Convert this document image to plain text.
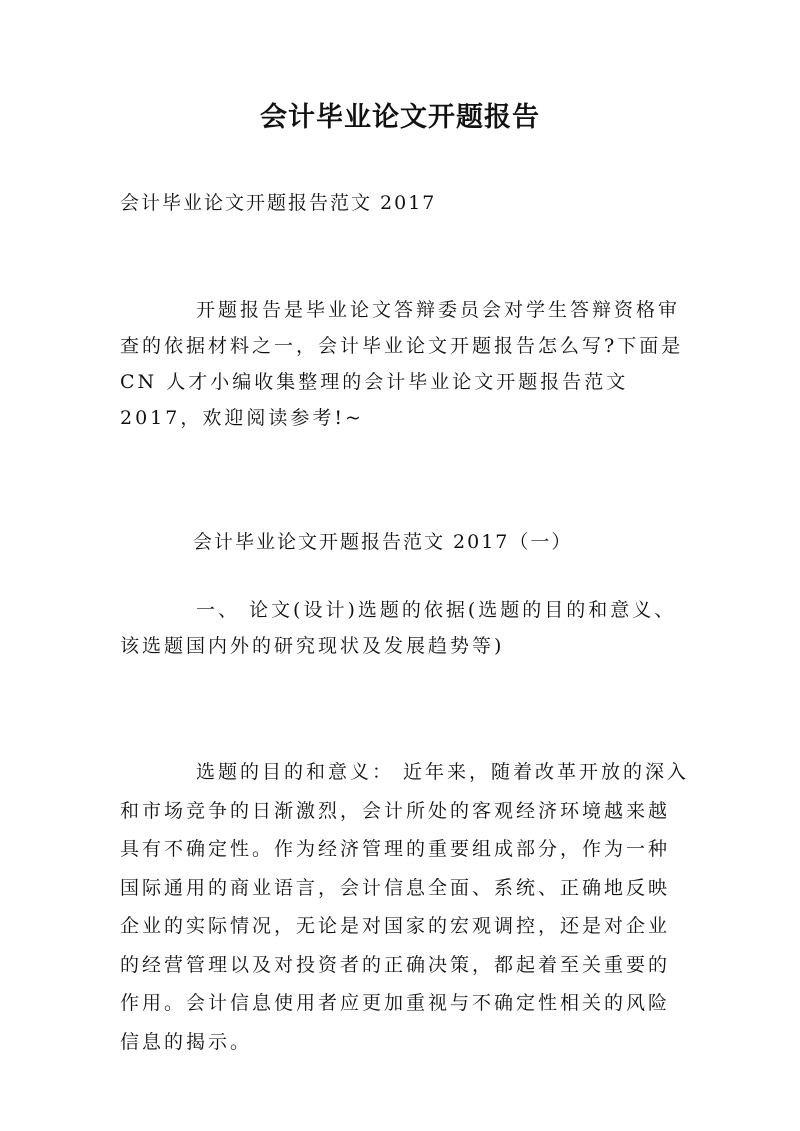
会计毕业论文开题报告
会计毕业论文开题报告范文 2017

开题报告是毕业论文答辩委员会对学生答辩资格审查的依据材料之一，会计毕业论文开题报告怎么写?下面是CN 人才小编收集整理的会计毕业论文开题报告范文 2017，欢迎阅读参考!~

会计毕业论文开题报告范文 2017（一）

一、 论文(设计)选题的依据(选题的目的和意义、该选题国内外的研究现状及发展趋势等)

选题的目的和意义： 近年来，随着改革开放的深入和市场竞争的日渐激烈，会计所处的客观经济环境越来越具有不确定性。作为经济管理的重要组成部分，作为一种国际通用的商业语言，会计信息全面、系统、正确地反映企业的实际情况，无论是对国家的宏观调控，还是对企业的经营管理以及对投资者的正确决策，都起着至关重要的作用。会计信息使用者应更加重视与不确定性相关的风险信息的揭示。
